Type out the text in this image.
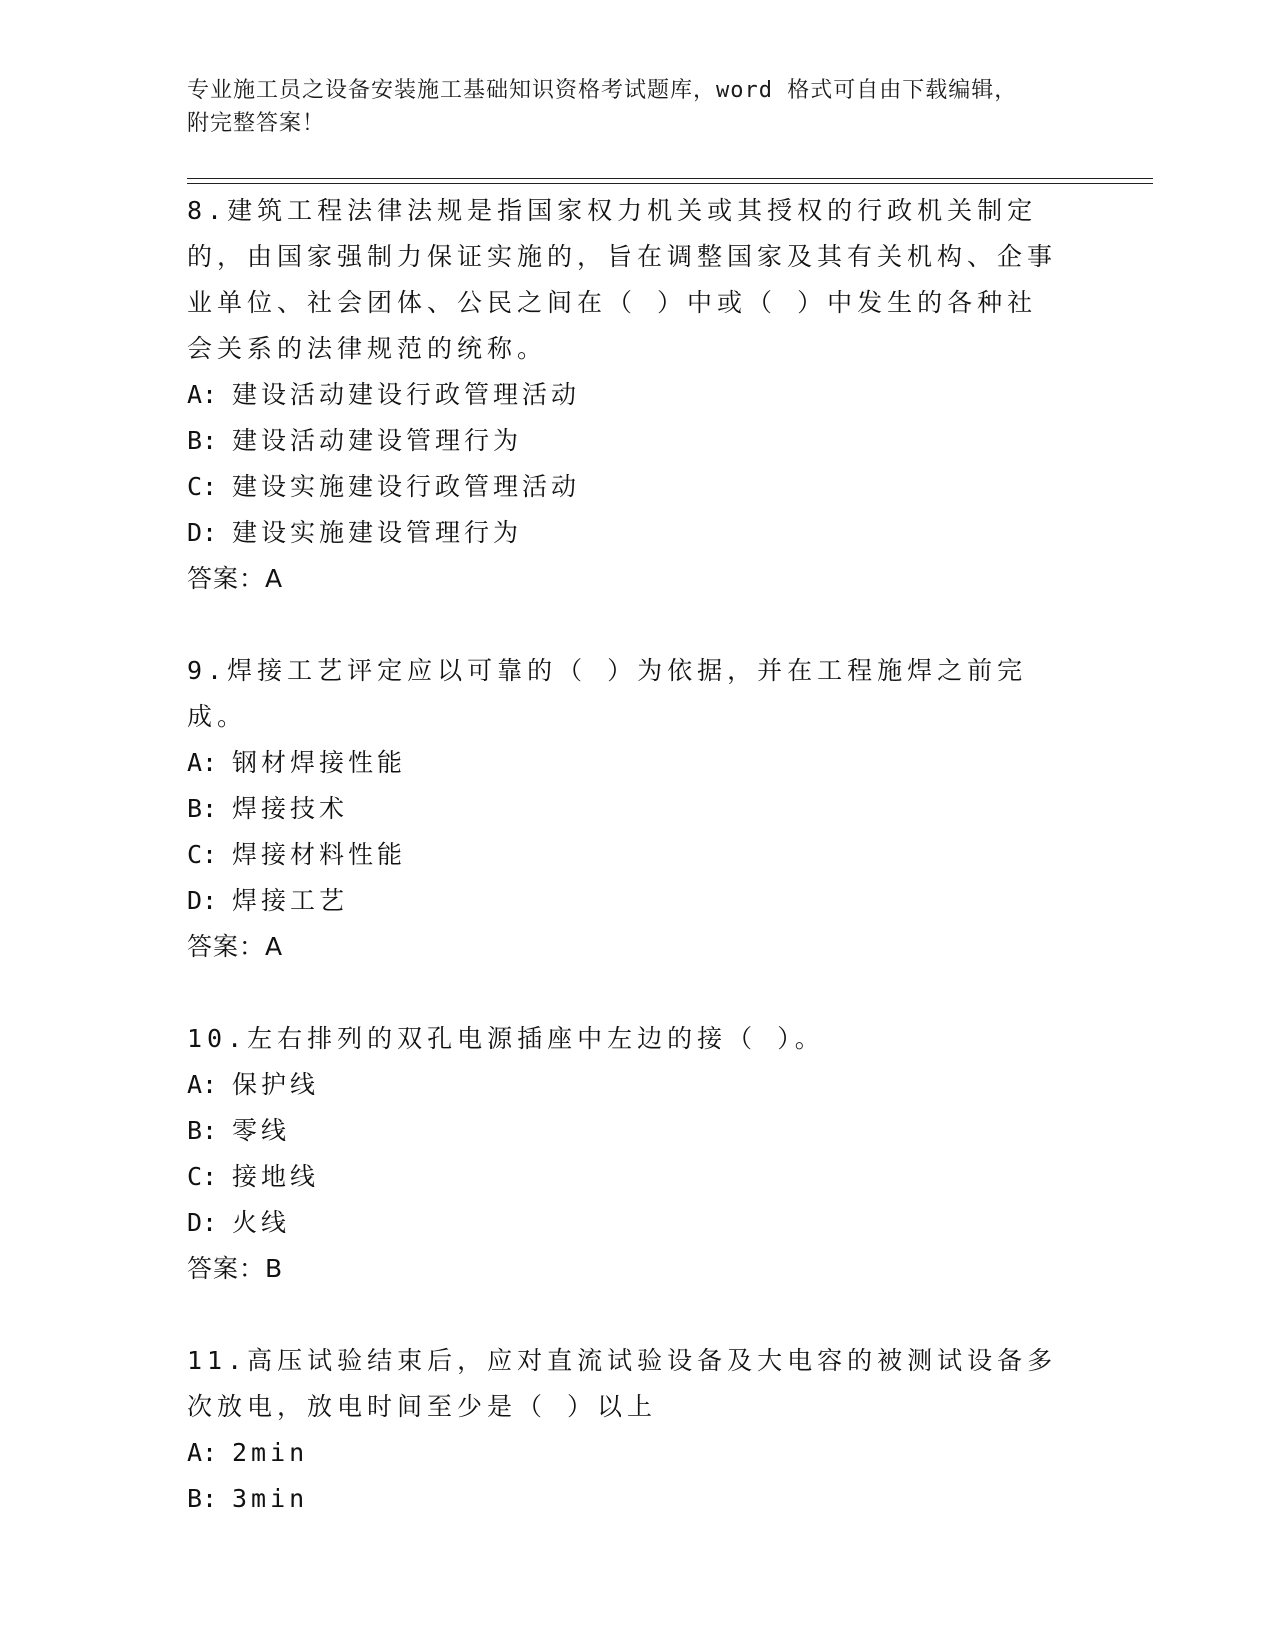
专业施工员之设备安装施工基础知识资格考试题库，word 格式可自由下载编辑，
附完整答案！

8.建筑工程法律法规是指国家权力机关或其授权的行政机关制定的，由国家强制力保证实施的，旨在调整国家及其有关机构、企事业单位、社会团体、公民之间在（ ）中或（ ）中发生的各种社会关系的法律规范的统称。

A: 建设活动建设行政管理活动
B: 建设活动建设管理行为
C: 建设实施建设行政管理活动
D: 建设实施建设管理行为

答案：A

9.焊接工艺评定应以可靠的（ ）为依据，并在工程施焊之前完成。

A: 钢材焊接性能
B: 焊接技术
C: 焊接材料性能
D: 焊接工艺

答案：A

10.左右排列的双孔电源插座中左边的接（ ）。

A: 保护线
B: 零线
C: 接地线
D: 火线

答案：B

11.高压试验结束后，应对直流试验设备及大电容的被测试设备多次放电，放电时间至少是（ ）以上

A: 2min
B: 3min
